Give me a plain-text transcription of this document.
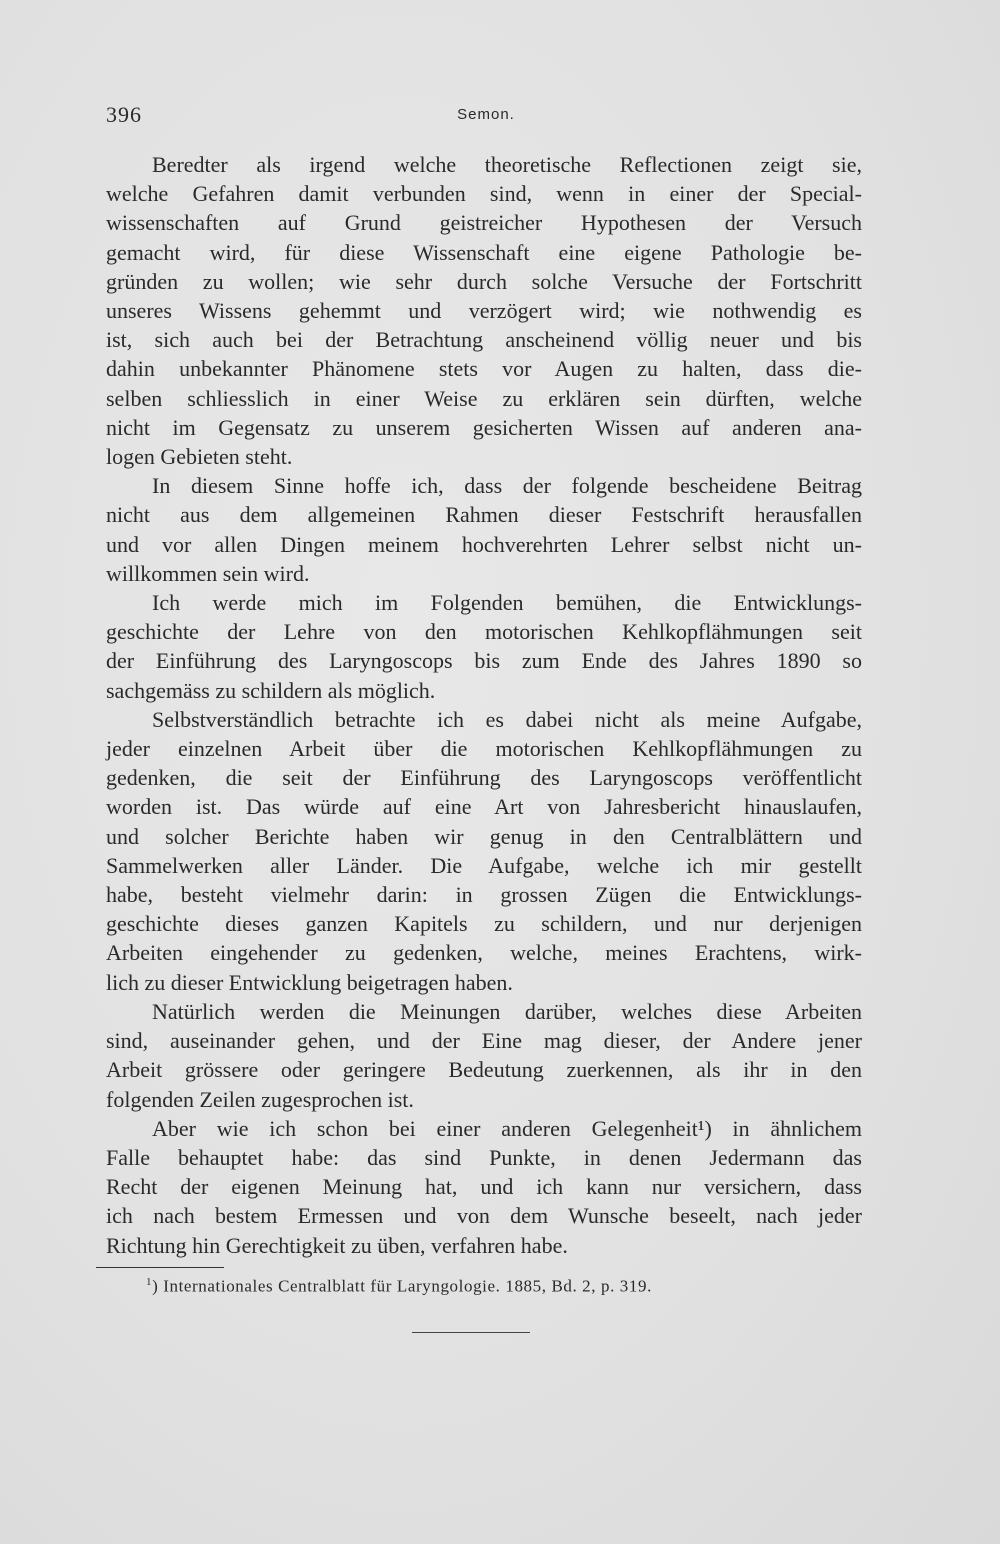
396	Semon.
Beredter als irgend welche theoretische Reflectionen zeigt sie,
welche Gefahren damit verbunden sind, wenn in einer der Special-
wissenschaften auf Grund geistreicher Hypothesen der Versuch
gemacht wird, für diese Wissenschaft eine eigene Pathologie be-
gründen zu wollen; wie sehr durch solche Versuche der Fortschritt
unseres Wissens gehemmt und verzögert wird; wie nothwendig es
ist, sich auch bei der Betrachtung anscheinend völlig neuer und bis
dahin unbekannter Phänomene stets vor Augen zu halten, dass die-
selben schliesslich in einer Weise zu erklären sein dürften, welche
nicht im Gegensatz zu unserem gesicherten Wissen auf anderen ana-
logen Gebieten steht.
In diesem Sinne hoffe ich, dass der folgende bescheidene Beitrag
nicht aus dem allgemeinen Rahmen dieser Festschrift herausfallen
und vor allen Dingen meinem hochverehrten Lehrer selbst nicht un-
willkommen sein wird.
Ich werde mich im Folgenden bemühen, die Entwicklungs-
geschichte der Lehre von den motorischen Kehlkopflähmungen seit
der Einführung des Laryngoscops bis zum Ende des Jahres 1890 so
sachgemäss zu schildern als möglich.
Selbstverständlich betrachte ich es dabei nicht als meine Aufgabe,
jeder einzelnen Arbeit über die motorischen Kehlkopflähmungen zu
gedenken, die seit der Einführung des Laryngoscops veröffentlicht
worden ist. Das würde auf eine Art von Jahresbericht hinauslaufen,
und solcher Berichte haben wir genug in den Centralblättern und
Sammelwerken aller Länder. Die Aufgabe, welche ich mir gestellt
habe, besteht vielmehr darin: in grossen Zügen die Entwicklungs-
geschichte dieses ganzen Kapitels zu schildern, und nur derjenigen
Arbeiten eingehender zu gedenken, welche, meines Erachtens, wirk-
lich zu dieser Entwicklung beigetragen haben.
Natürlich werden die Meinungen darüber, welches diese Arbeiten
sind, auseinander gehen, und der Eine mag dieser, der Andere jener
Arbeit grössere oder geringere Bedeutung zuerkennen, als ihr in den
folgenden Zeilen zugesprochen ist.
Aber wie ich schon bei einer anderen Gelegenheit¹) in ähnlichem
Falle behauptet habe: das sind Punkte, in denen Jedermann das
Recht der eigenen Meinung hat, und ich kann nur versichern, dass
ich nach bestem Ermessen und von dem Wunsche beseelt, nach jeder
Richtung hin Gerechtigkeit zu üben, verfahren habe.
$^1$) Internationales Centralblatt für Laryngologie. 1885, Bd. 2, p. 319.
